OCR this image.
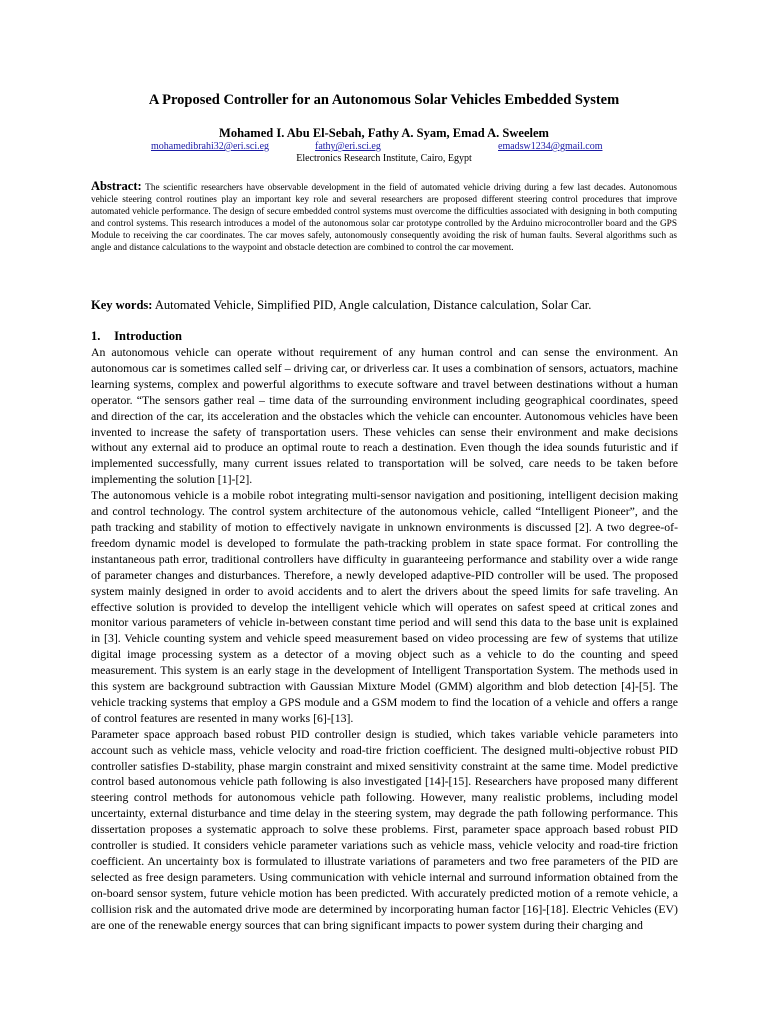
A Proposed Controller for an Autonomous Solar Vehicles Embedded System
Mohamed I. Abu El-Sebah, Fathy A. Syam, Emad A. Sweelem
mohamedibrahi32@eri.sci.eg	fathy@eri.sci.eg	emadsw1234@gmail.com
Electronics Research Institute, Cairo, Egypt
Abstract: The scientific researchers have observable development in the field of automated vehicle driving during a few last decades. Autonomous vehicle steering control routines play an important key role and several researchers are proposed different steering control procedures that improve automated vehicle performance. The design of secure embedded control systems must overcome the difficulties associated with designing in both computing and control systems. This research introduces a model of the autonomous solar car prototype controlled by the Arduino microcontroller board and the GPS Module to receiving the car coordinates. The car moves safely, autonomously consequently avoiding the risk of human faults. Several algorithms such as angle and distance calculations to the waypoint and obstacle detection are combined to control the car movement.
Key words: Automated Vehicle, Simplified PID, Angle calculation, Distance calculation, Solar Car.
1. Introduction

An autonomous vehicle can operate without requirement of any human control and can sense the environment. An autonomous car is sometimes called self – driving car, or driverless car. It uses a combination of sensors, actuators, machine learning systems, complex and powerful algorithms to execute software and travel between destinations without a human operator. “The sensors gather real – time data of the surrounding environment including geographical coordinates, speed and direction of the car, its acceleration and the obstacles which the vehicle can encounter. Autonomous vehicles have been invented to increase the safety of transportation users. These vehicles can sense their environment and make decisions without any external aid to produce an optimal route to reach a destination. Even though the idea sounds futuristic and if implemented successfully, many current issues related to transportation will be solved, care needs to be taken before implementing the solution [1]-[2].

The autonomous vehicle is a mobile robot integrating multi-sensor navigation and positioning, intelligent decision making and control technology. The control system architecture of the autonomous vehicle, called “Intelligent Pioneer”, and the path tracking and stability of motion to effectively navigate in unknown environments is discussed [2]. A two degree-of-freedom dynamic model is developed to formulate the path-tracking problem in state space format. For controlling the instantaneous path error, traditional controllers have difficulty in guaranteeing performance and stability over a wide range of parameter changes and disturbances. Therefore, a newly developed adaptive-PID controller will be used. The proposed system mainly designed in order to avoid accidents and to alert the drivers about the speed limits for safe traveling. An effective solution is provided to develop the intelligent vehicle which will operates on safest speed at critical zones and monitor various parameters of vehicle in-between constant time period and will send this data to the base unit is explained in [3]. Vehicle counting system and vehicle speed measurement based on video processing are few of systems that utilize digital image processing system as a detector of a moving object such as a vehicle to do the counting and speed measurement. This system is an early stage in the development of Intelligent Transportation System. The methods used in this system are background subtraction with Gaussian Mixture Model (GMM) algorithm and blob detection [4]-[5]. The vehicle tracking systems that employ a GPS module and a GSM modem to find the location of a vehicle and offers a range of control features are resented in many works [6]-[13].

Parameter space approach based robust PID controller design is studied, which takes variable vehicle parameters into account such as vehicle mass, vehicle velocity and road-tire friction coefficient. The designed multi-objective robust PID controller satisfies D-stability, phase margin constraint and mixed sensitivity constraint at the same time. Model predictive control based autonomous vehicle path following is also investigated [14]-[15]. Researchers have proposed many different steering control methods for autonomous vehicle path following. However, many realistic problems, including model uncertainty, external disturbance and time delay in the steering system, may degrade the path following performance. This dissertation proposes a systematic approach to solve these problems. First, parameter space approach based robust PID controller is studied. It considers vehicle parameter variations such as vehicle mass, vehicle velocity and road-tire friction coefficient. An uncertainty box is formulated to illustrate variations of parameters and two free parameters of the PID are selected as free design parameters. Using communication with vehicle internal and surround information obtained from the on-board sensor system, future vehicle motion has been predicted. With accurately predicted motion of a remote vehicle, a collision risk and the automated drive mode are determined by incorporating human factor [16]-[18]. Electric Vehicles (EV) are one of the renewable energy sources that can bring significant impacts to power system during their charging and
